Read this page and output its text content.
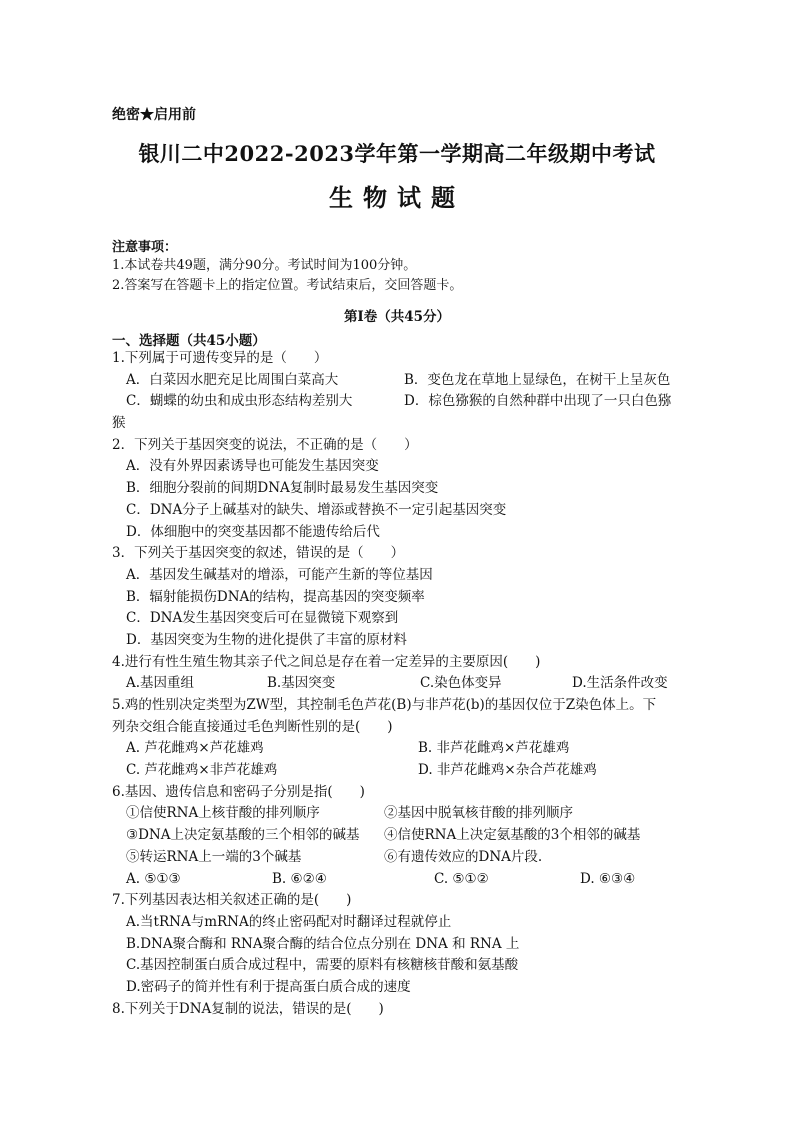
绝密★启用前
银川二中2022-2023学年第一学期高二年级期中考试
生物试题
注意事项：
1.本试卷共49题，满分90分。考试时间为100分钟。
2.答案写在答题卡上的指定位置。考试结束后，交回答题卡。
第Ⅰ卷（共45分）
一、选择题（共45小题）
1.下列属于可遗传变异的是（　　）
A．白菜因水肥充足比周围白菜高大	B．变色龙在草地上显绿色，在树干上呈灰色
C．蝴蝶的幼虫和成虫形态结构差别大	D．棕色猕猴的自然种群中出现了一只白色猕
猴
2．下列关于基因突变的说法，不正确的是（　　）
A．没有外界因素诱导也可能发生基因突变
B．细胞分裂前的间期DNA复制时最易发生基因突变
C．DNA分子上碱基对的缺失、增添或替换不一定引起基因突变
D．体细胞中的突变基因都不能遗传给后代
3．下列关于基因突变的叙述，错误的是（　　）
A．基因发生碱基对的增添，可能产生新的等位基因
B．辐射能损伤DNA的结构，提高基因的突变频率
C．DNA发生基因突变后可在显微镜下观察到
D．基因突变为生物的进化提供了丰富的原材料
4.进行有性生殖生物其亲子代之间总是存在着一定差异的主要原因(　　)
A.基因重组	B.基因突变	C.染色体变异	D.生活条件改变
5.鸡的性别决定类型为ZW型，其控制毛色芦花(B)与非芦花(b)的基因仅位于Z染色体上。下
列杂交组合能直接通过毛色判断性别的是(　　)
A. 芦花雌鸡×芦花雄鸡	B. 非芦花雌鸡×芦花雄鸡
C. 芦花雌鸡×非芦花雄鸡	D. 非芦花雌鸡×杂合芦花雄鸡
6.基因、遗传信息和密码子分别是指(　　)
①信使RNA上核苷酸的排列顺序	②基因中脱氧核苷酸的排列顺序
③DNA上决定氨基酸的三个相邻的碱基 ④信使RNA上决定氨基酸的3个相邻的碱基
⑤转运RNA上一端的3个碱基	⑥有遗传效应的DNA片段.
A. ⑤①③	B. ⑥②④	C. ⑤①②	D. ⑥③④
7.下列基因表达相关叙述正确的是(　　)
A.当tRNA与mRNA的终止密码配对时翻译过程就停止
B.DNA聚合酶和 RNA聚合酶的结合位点分别在 DNA 和 RNA 上
C.基因控制蛋白质合成过程中，需要的原料有核糖核苷酸和氨基酸
D.密码子的简并性有利于提高蛋白质合成的速度
8.下列关于DNA复制的说法，错误的是(　　)
